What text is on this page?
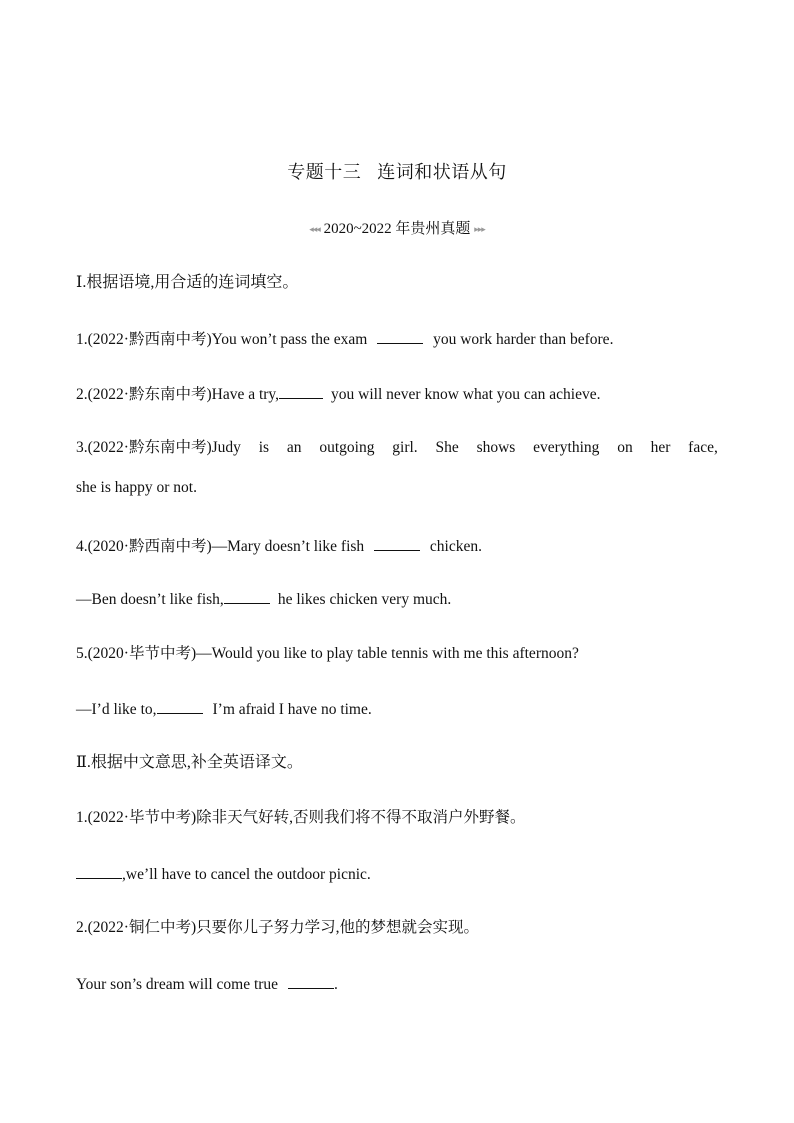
专题十三 连词和状语从句
◂◂◂ 2020~2022 年贵州真题 ▸▸▸
Ⅰ.根据语境,用合适的连词填空。
1.(2022·黔西南中考)You won’t pass the exam	you work harder than before.
2.(2022·黔东南中考)Have a try,	you will never know what you can achieve.
3.(2022·黔东南中考)Judy is an outgoing girl. She shows everything on her face,
she is happy or not.
4.(2020·黔西南中考)—Mary doesn’t like fish	chicken.
—Ben doesn’t like fish,	he likes chicken very much.
5.(2020·毕节中考)—Would you like to play table tennis with me this afternoon?
—I’d like to,	I’m afraid I have no time.
Ⅱ.根据中文意思,补全英语译文。
1.(2022·毕节中考)除非天气好转,否则我们将不得不取消户外野餐。
,we’ll have to cancel the outdoor picnic.
2.(2022·铜仁中考)只要你儿子努力学习,他的梦想就会实现。
Your son’s dream will come true	.
